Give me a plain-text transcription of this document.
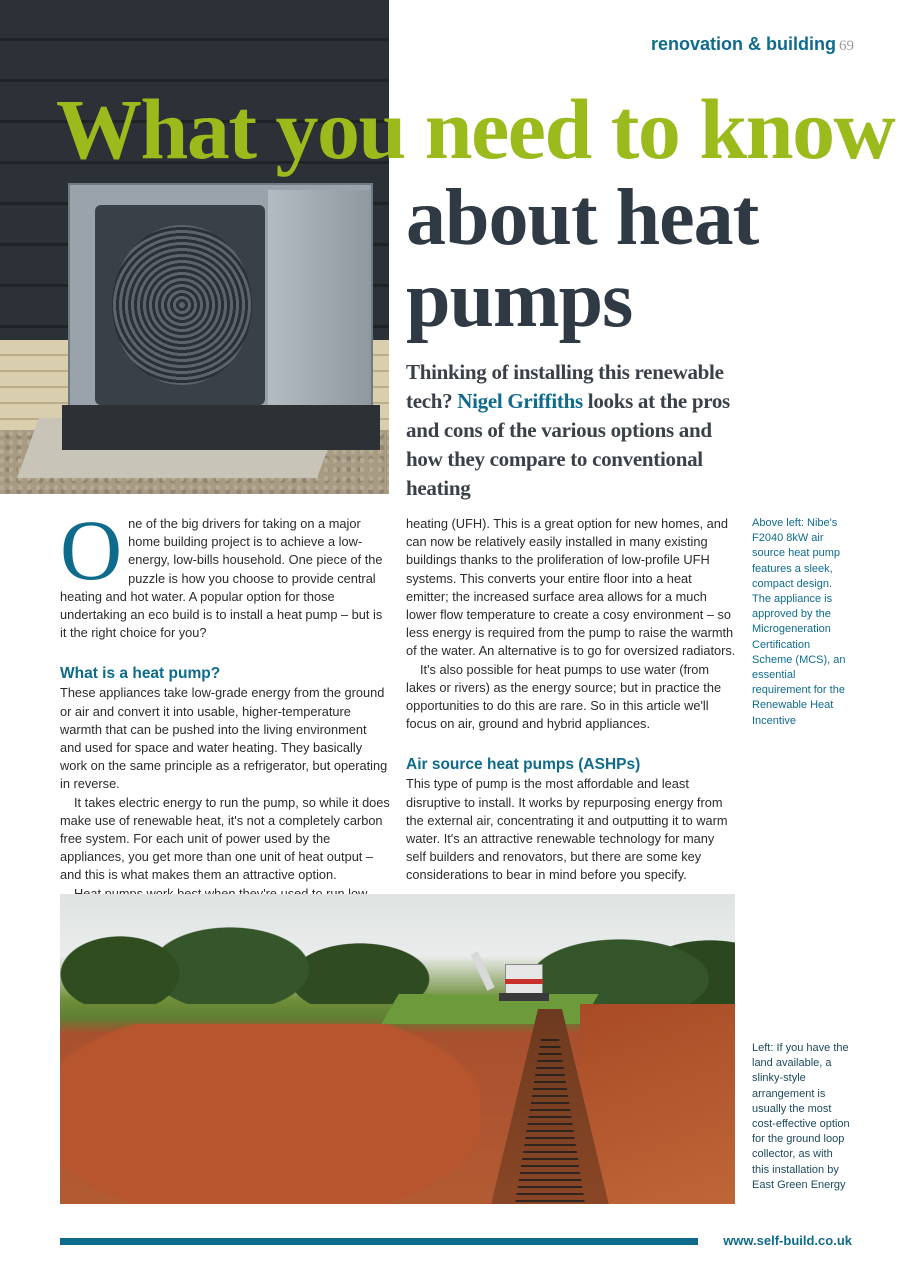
renovation & building 69
What you need to know
about heat pumps
Thinking of installing this renewable tech? Nigel Griffiths looks at the pros and cons of the various options and how they compare to conventional heating

One of the big drivers for taking on a major home building project is to achieve a low-energy, low-bills household. One piece of the puzzle is how you choose to provide central heating and hot water. A popular option for those undertaking an eco build is to install a heat pump – but is it the right choice for you?

What is a heat pump?

These appliances take low-grade energy from the ground or air and convert it into usable, higher-temperature warmth that can be pushed into the living environment and used for space and water heating. They basically work on the same principle as a refrigerator, but operating in reverse.

It takes electric energy to run the pump, so while it does make use of renewable heat, it's not a completely carbon free system. For each unit of power used by the appliances, you get more than one unit of heat output – and this is what makes them an attractive option.

heating (UFH). This is a great option for new homes, and can now be relatively easily installed in many existing buildings thanks to the proliferation of low-profile UFH systems. This converts your entire floor into a heat emitter; the increased surface area allows for a much lower flow temperature to create a cosy environment – so less energy is required from the pump to raise the warmth of the water. An alternative is to go for oversized radiators.

It's also possible for heat pumps to use water (from lakes or rivers) as the energy source; but in practice the opportunities to do this are rare. So in this article we'll focus on air, ground and hybrid appliances.

Air source heat pumps (ASHPs)

This type of pump is the most affordable and least disruptive to install. It works by repurposing energy from the external air, concentrating it and outputting it to warm water. It's an attractive renewable technology for many self builders and renovators, but there are some key considerations to bear in mind before you specify.

Above left: Nibe's F2040 8kW air source heat pump features a sleek, compact design. The appliance is approved by the Microgeneration Certification Scheme (MCS), an essential requirement for the Renewable Heat Incentive
Left: If you have the land available, a slinky-style arrangement is usually the most cost-effective option for the ground loop collector, as with this installation by East Green Energy
www.self-build.co.uk
